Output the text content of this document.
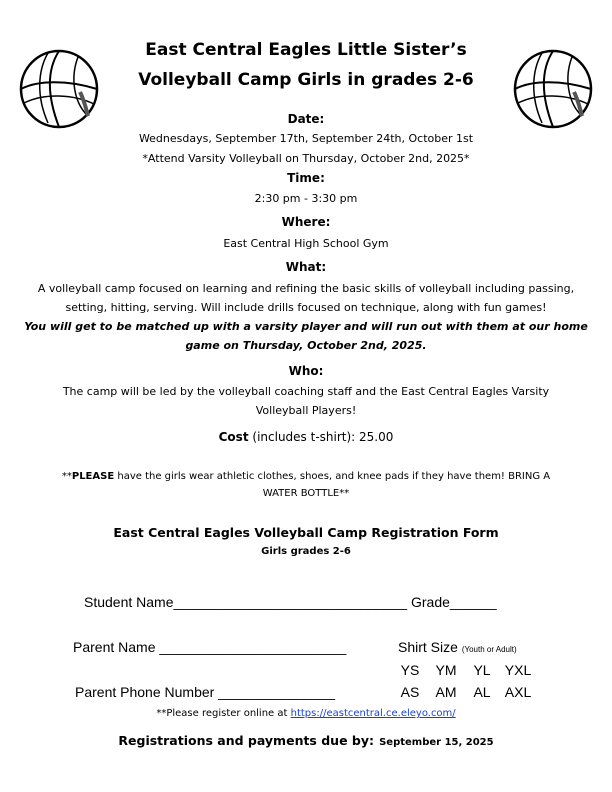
East Central Eagles Little Sister’s
Volleyball Camp Girls in grades 2-6
Date:
Wednesdays, September 17th, September 24th, October 1st
*Attend Varsity Volleyball on Thursday, October 2nd, 2025*
Time:
2:30 pm - 3:30 pm
Where:
East Central High School Gym
What:
A volleyball camp focused on learning and refining the basic skills of volleyball including passing,
setting, hitting, serving. Will include drills focused on technique, along with fun games!
You will get to be matched up with a varsity player and will run out with them at our home
game on Thursday, October 2nd, 2025.
Who:
The camp will be led by the volleyball coaching staff and the East Central Eagles Varsity
Volleyball Players!
Cost (includes t-shirt): 25.00
**PLEASE have the girls wear athletic clothes, shoes, and knee pads if they have them! BRING A
WATER BOTTLE**
East Central Eagles Volleyball Camp Registration Form
Girls grades 2-6
Student Name______________________________ Grade______
Parent Name ________________________	Shirt Size (Youth or Adult)
YS YM YL YXL
Parent Phone Number _______________	AS AM AL AXL
**Please register online at https://eastcentral.ce.eleyo.com/
Registrations and payments due by: September 15, 2025
